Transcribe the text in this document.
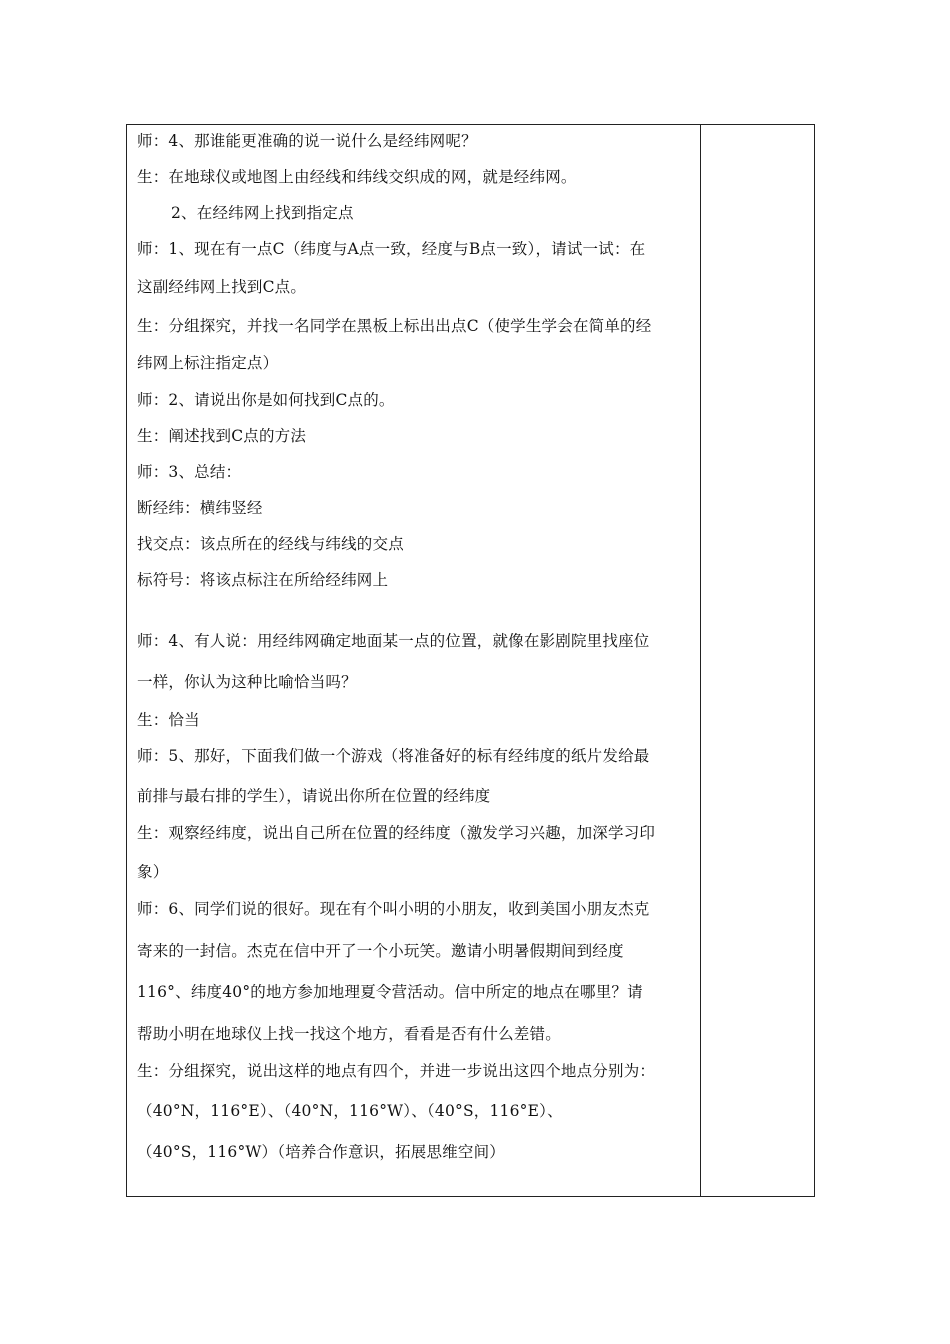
师：4、那谁能更准确的说一说什么是经纬网呢？
生：在地球仪或地图上由经线和纬线交织成的网，就是经纬网。
2、在经纬网上找到指定点
师：1、现在有一点C（纬度与A点一致，经度与B点一致），请试一试：在
这副经纬网上找到C点。
生：分组探究，并找一名同学在黑板上标出出点C（使学生学会在简单的经
纬网上标注指定点）
师：2、请说出你是如何找到C点的。
生：阐述找到C点的方法
师：3、总结：
断经纬：横纬竖经
找交点：该点所在的经线与纬线的交点
标符号：将该点标注在所给经纬网上
师：4、有人说：用经纬网确定地面某一点的位置，就像在影剧院里找座位
一样，你认为这种比喻恰当吗？
生：恰当
师：5、那好，下面我们做一个游戏（将准备好的标有经纬度的纸片发给最
前排与最右排的学生），请说出你所在位置的经纬度
生：观察经纬度，说出自己所在位置的经纬度（激发学习兴趣，加深学习印
象）
师：6、同学们说的很好。现在有个叫小明的小朋友，收到美国小朋友杰克
寄来的一封信。杰克在信中开了一个小玩笑。邀请小明暑假期间到经度
116°、纬度40°的地方参加地理夏令营活动。信中所定的地点在哪里？请
帮助小明在地球仪上找一找这个地方，看看是否有什么差错。
生：分组探究，说出这样的地点有四个，并进一步说出这四个地点分别为：
（40°N，116°E）、（40°N，116°W）、（40°S，116°E）、
（40°S，116°W）（培养合作意识，拓展思维空间）
